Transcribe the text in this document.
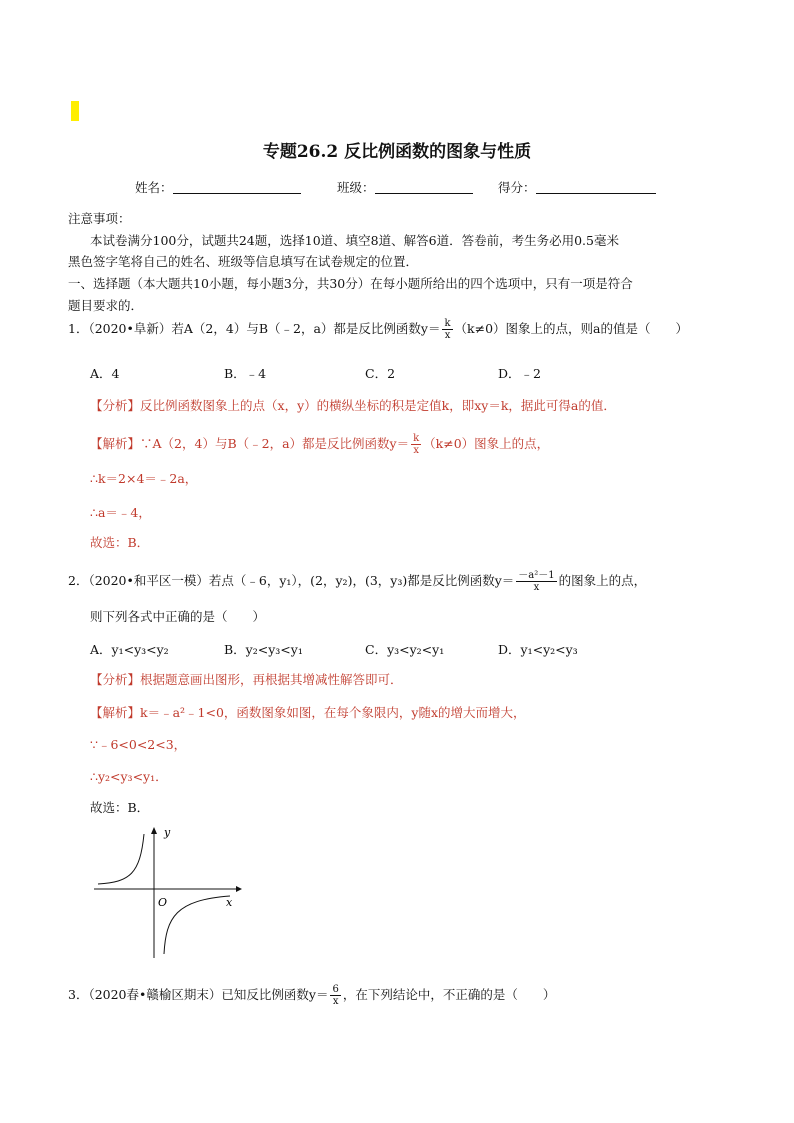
专题26.2 反比例函数的图象与性质
姓名：	班级：	得分：
注意事项：
本试卷满分100分，试题共24题，选择10道、填空8道、解答6道．答卷前，考生务必用0.5毫米
黑色签字笔将自己的姓名、班级等信息填写在试卷规定的位置．
一、选择题（本大题共10小题，每小题3分，共30分）在每小题所给出的四个选项中，只有一项是符合
题目要求的．
1．（2020•阜新）若A（2，4）与B（﹣2，a）都是反比例函数$y= \frac{k}{x} (k\ne 0)$图象上的点，则a的值是（　　）
A．4	B．﹣4	C．2	D．﹣2
【分析】反比例函数图象上的点（x，y）的横纵坐标的积是定值k，即xy＝k，据此可得a的值．
【解析】∵A（2，4）与B（﹣2，a）都是反比例函数$y= \frac{k}{x} (k\ne 0)$图象上的点，
∴k＝2×4＝﹣2a，
∴a＝﹣4，
故选：B．
2．（2020•和平区一模）若点（﹣6，y₁），(2，y₂)，(3，y₃)都是反比例函数$y= \frac{\text{－a²－1}}{x}$ 的图象上的点，
则下列各式中正确的是（　　）
A．y₁<y₃<y₂	B．y₂<y₃<y₁	C．y₃<y₂<y₁	D．y₁<y₂<y₃
【分析】根据题意画出图形，再根据其增减性解答即可．
【解析】k＝﹣a²﹣1<0，函数图象如图，在每个象限内，y随x的增大而增大，
∵﹣6<0<2<3，
∴y₂<y₃<y₁．
故选：B．
y
x
O
3．（2020春•赣榆区期末）已知反比例函数$y= \frac{6}{x}$ ，在下列结论中，不正确的是（　　）
